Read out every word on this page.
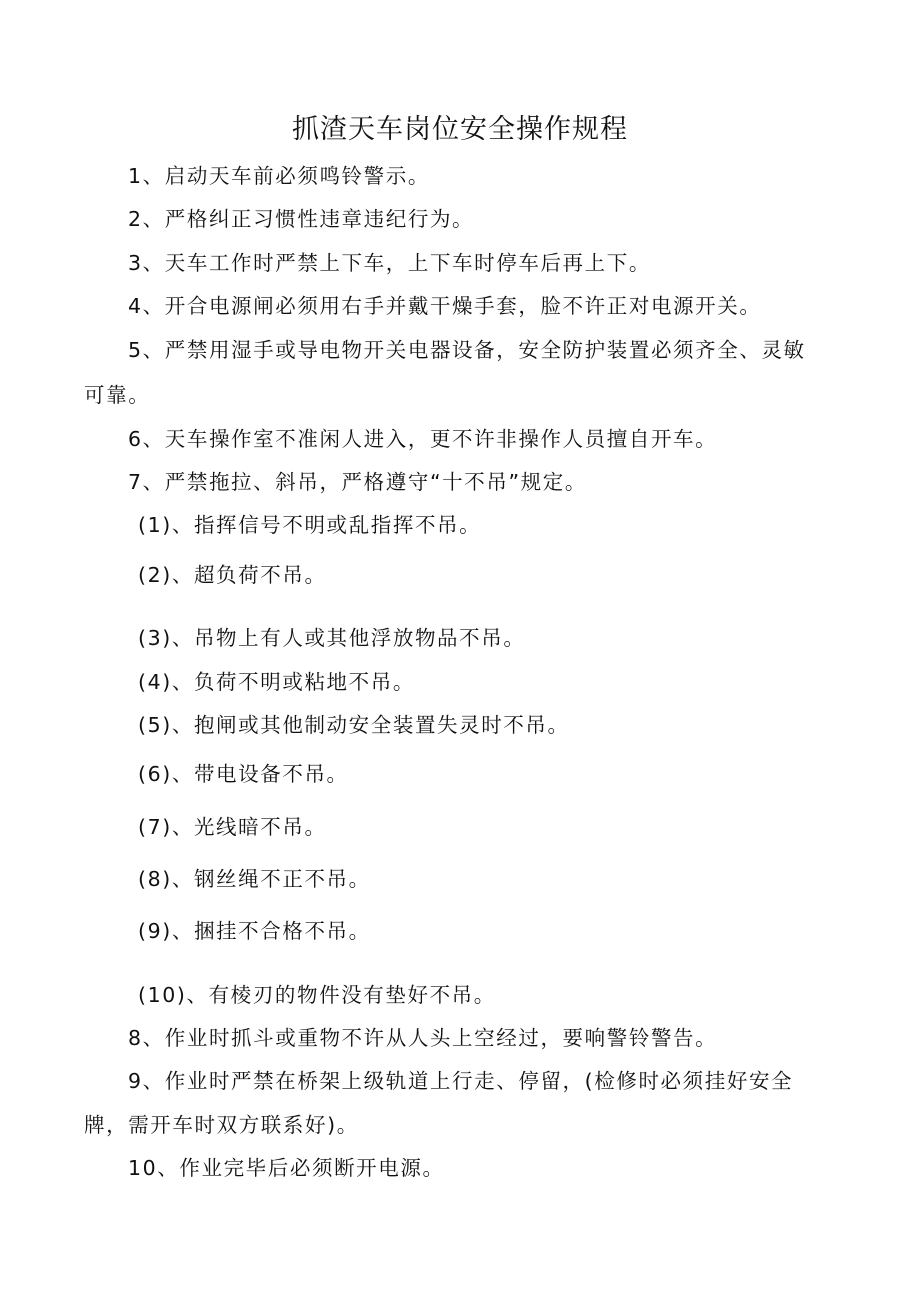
抓渣天车岗位安全操作规程
1、启动天车前必须鸣铃警示。
2、严格纠正习惯性违章违纪行为。
3、天车工作时严禁上下车，上下车时停车后再上下。
4、开合电源闸必须用右手并戴干燥手套，脸不许正对电源开关。
5、严禁用湿手或导电物开关电器设备，安全防护装置必须齐全、灵敏
可靠。
6、天车操作室不准闲人进入，更不许非操作人员擅自开车。
7、严禁拖拉、斜吊，严格遵守“十不吊”规定。
(1)、指挥信号不明或乱指挥不吊。
(2)、超负荷不吊。
(3)、吊物上有人或其他浮放物品不吊。
(4)、负荷不明或粘地不吊。
(5)、抱闸或其他制动安全装置失灵时不吊。
(6)、带电设备不吊。
(7)、光线暗不吊。
(8)、钢丝绳不正不吊。
(9)、捆挂不合格不吊。
(10)、有棱刃的物件没有垫好不吊。
8、作业时抓斗或重物不许从人头上空经过，要响警铃警告。
9、作业时严禁在桥架上级轨道上行走、停留，(检修时必须挂好安全
牌，需开车时双方联系好)。
10、作业完毕后必须断开电源。
